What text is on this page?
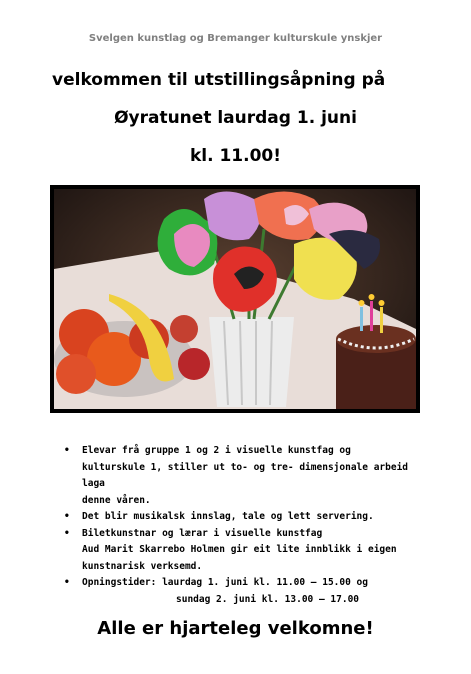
Svelgen kunstlag og Bremanger kulturskule ynskjer
velkommen til utstillingsåpning på
Øyratunet laurdag 1. juni
kl. 11.00!
• Elevar frå gruppe 1 og 2 i visuelle kunstfag og
kulturskule 1, stiller ut to- og tre- dimensjonale arbeid laga
denne våren.
• Det blir musikalsk innslag, tale og lett servering.
• Biletkunstnar og lærar i visuelle kunstfag
Aud Marit Skarrebo Holmen gir eit lite innblikk i eigen
kunstnarisk verksemd.
• Opningstider: laurdag 1. juni kl. 11.00 – 15.00 og
sundag 2. juni kl. 13.00 – 17.00
Alle er hjarteleg velkomne!
